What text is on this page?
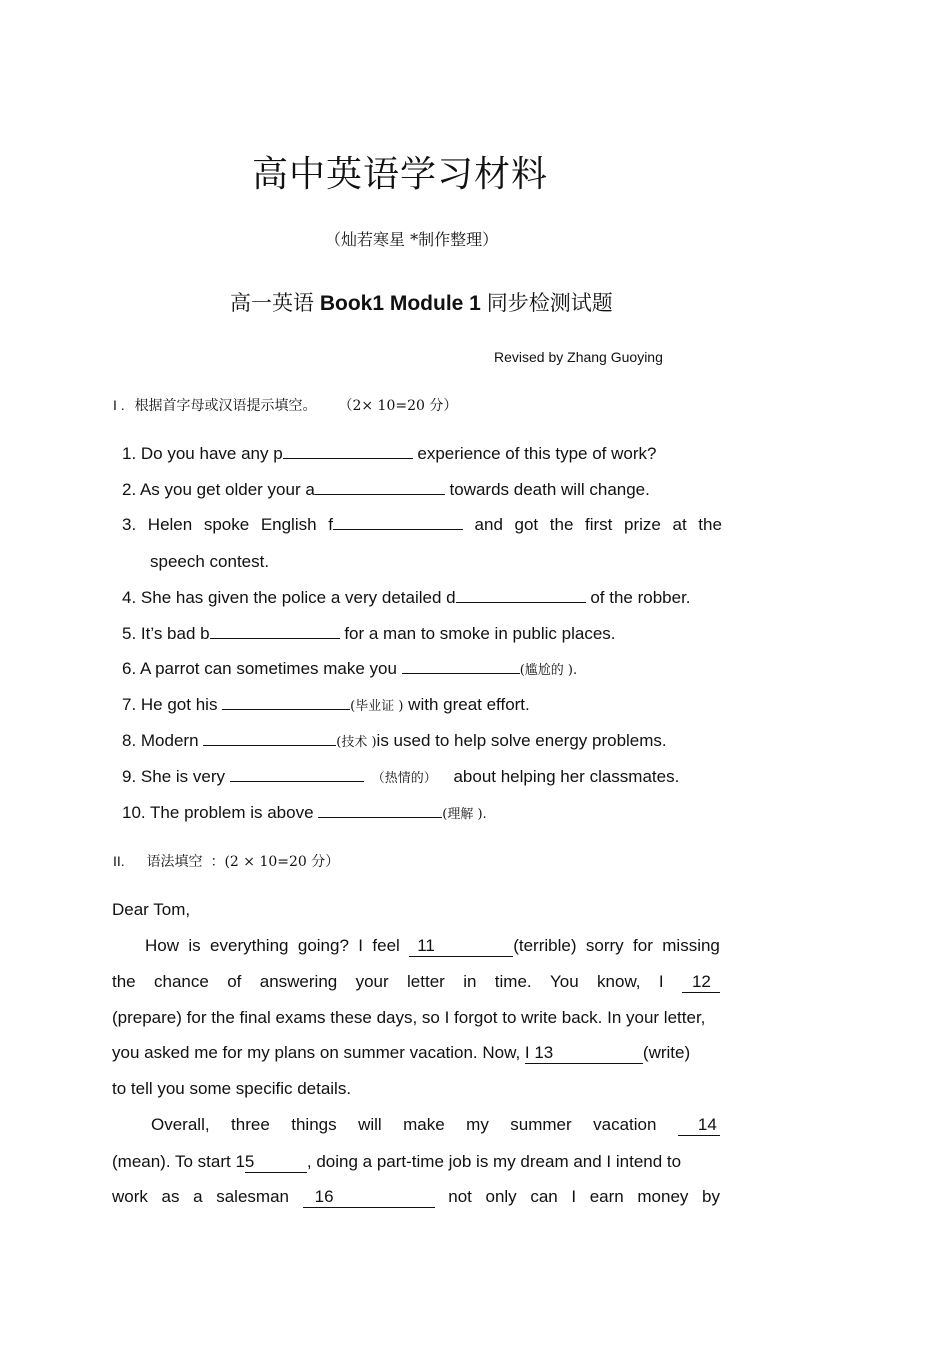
高中英语学习材料
（灿若寒星 *制作整理）
高一英语 Book1 Module 1 同步检测试题
Revised by Zhang Guoying
I . 根据首字母或汉语提示填空。 （2× 10=20 分）
1. Do you have any p	experience of this type of work?
2. As you get older your a	towards death will change.
3. Helen spoke English f	and got the first prize at the
speech contest.
4. She has given the police a very detailed d	of the robber.
5. It’s bad b	for a man to smoke in public places.
6. A parrot can sometimes make you	(尴尬的 ).
7. He got his	(毕业证 ) with great effort.
8. Modern	(技术 )is used to help solve energy problems.
9. She is very	（热情的） about helping her classmates.
10. The problem is above	(理解 ).
II. 语法填空 ：(2 × 10=20 分）
Dear Tom,
How is everything going? I feel	11	(terrible) sorry for missing
the chance of answering your letter in time. You know, I	12
(prepare) for the final exams these days, so I forgot to write back. In your letter,
you asked me for my plans on summer vacation. Now, I 13	(write)
to tell you some specific details.
Overall, three things will make my summer vacation	14
(mean). To start 15	, doing a part-time job is my dream and I intend to
work as a salesman	16	not only can I earn money by
